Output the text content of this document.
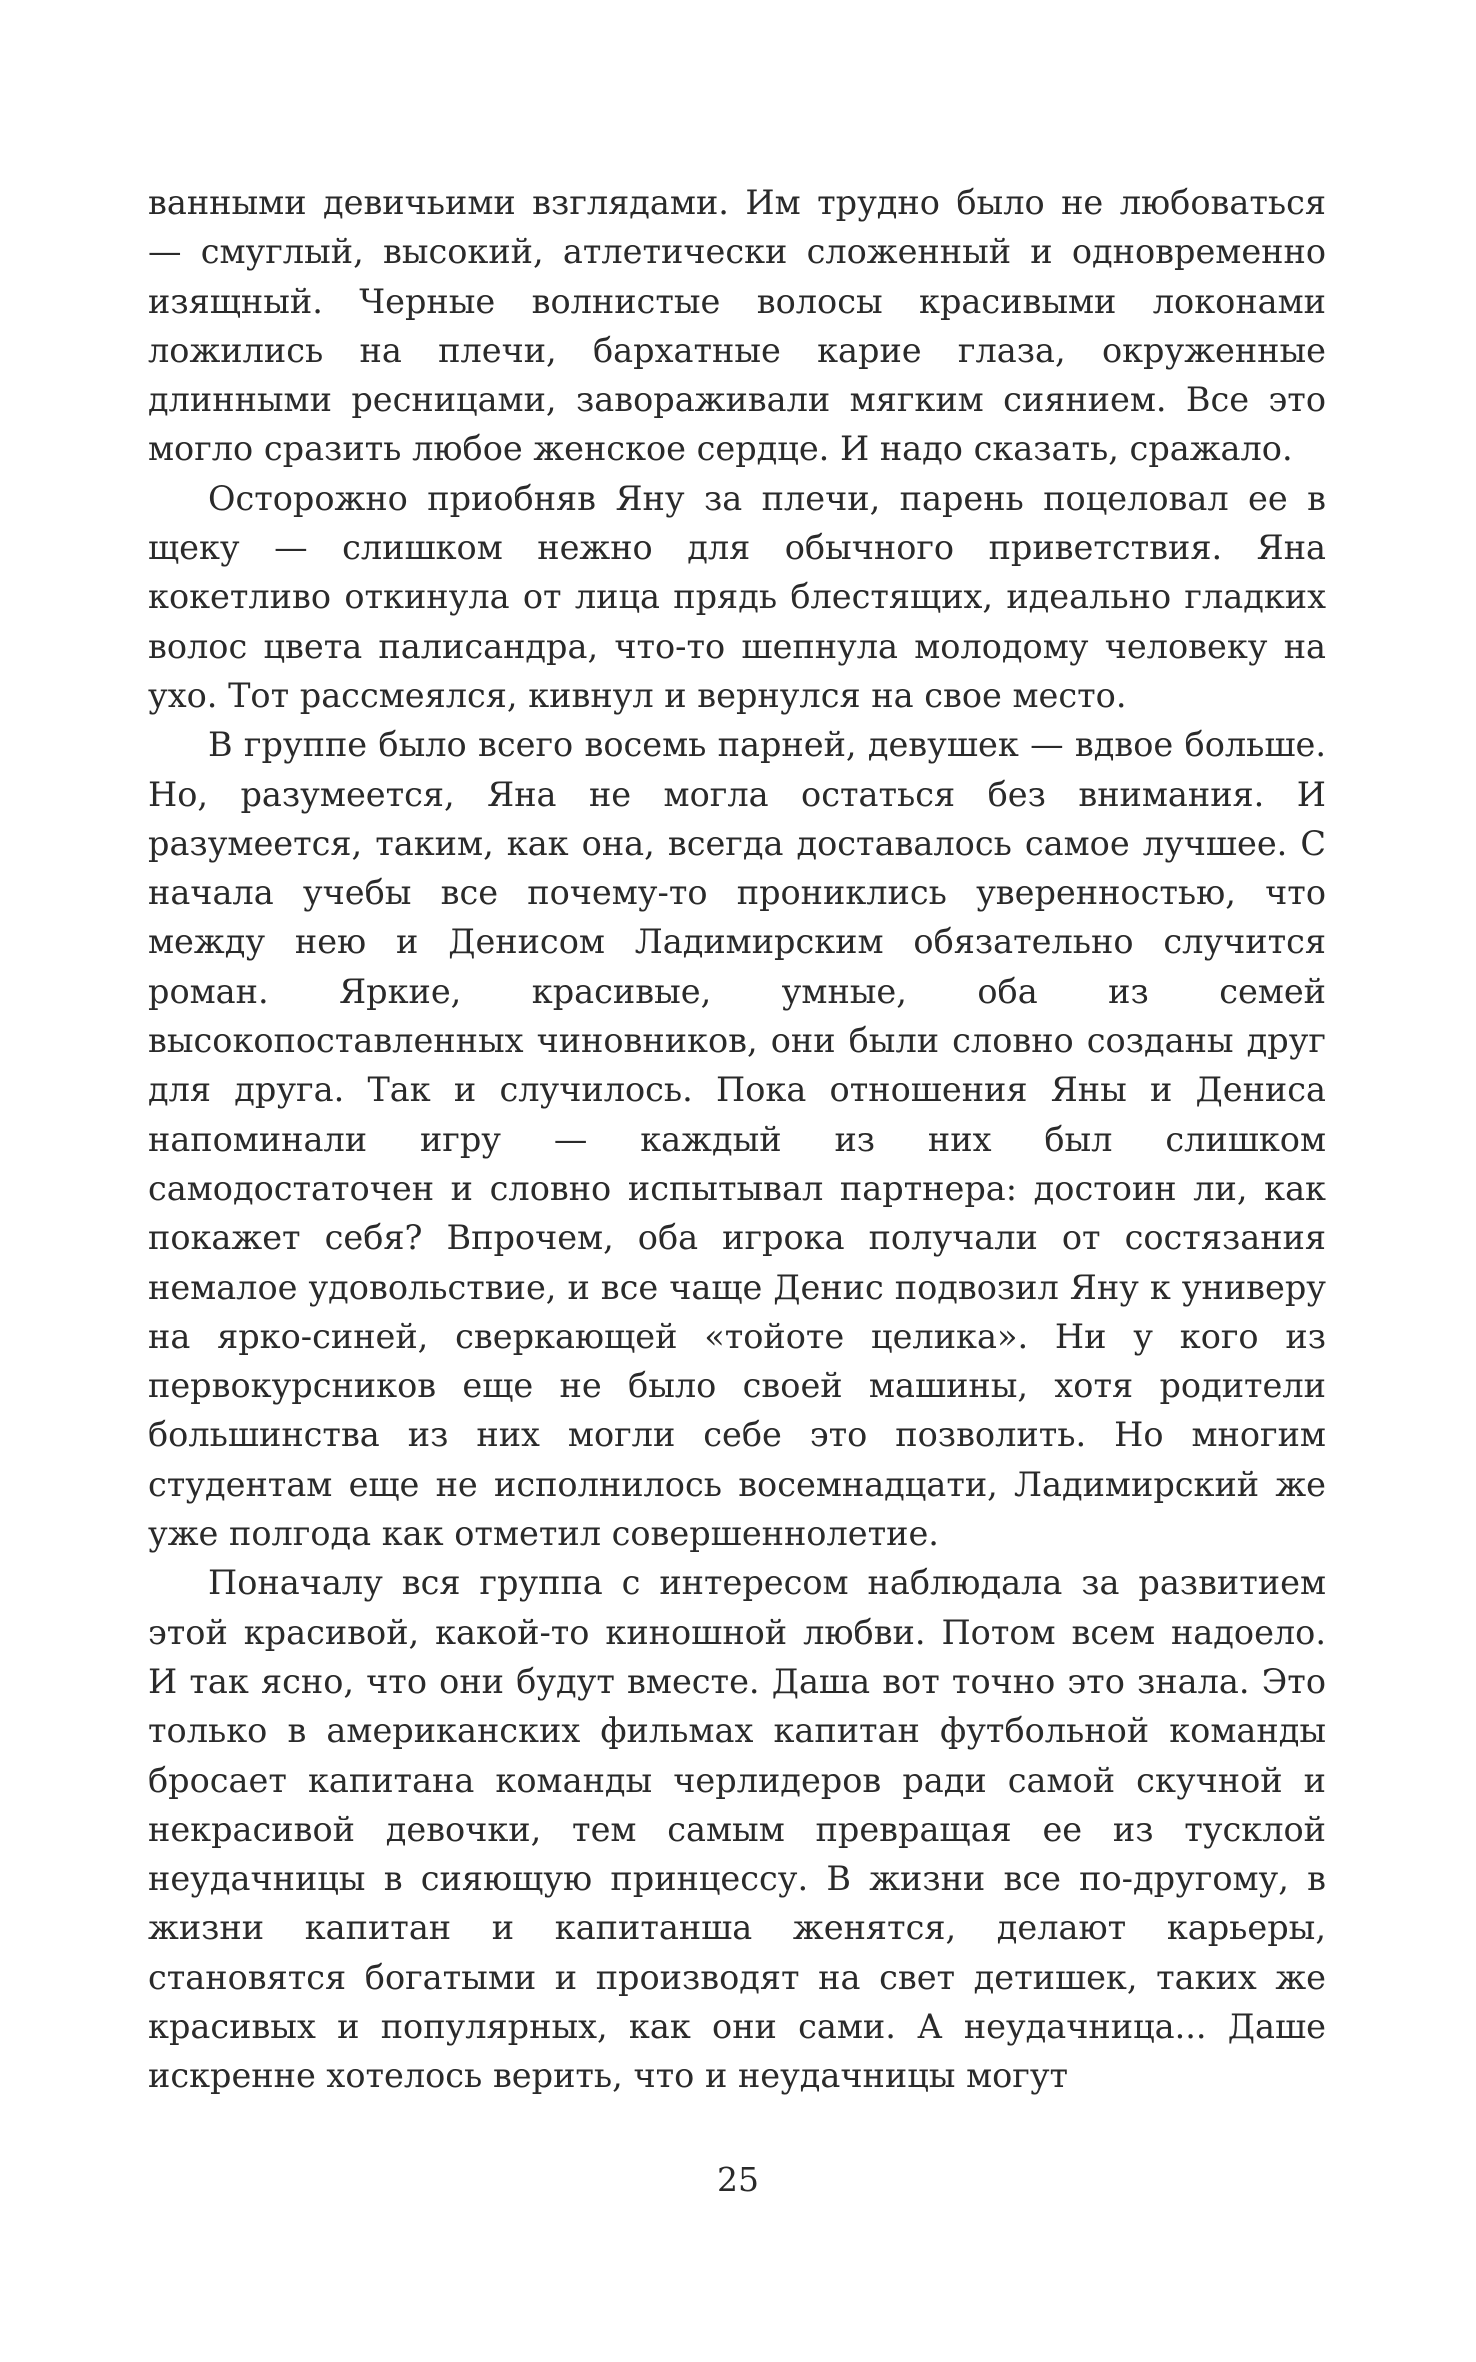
ванными девичьими взглядами. Им трудно было не любоваться — смуглый, высокий, атлетически сложенный и одновременно изящный. Черные волнистые волосы красивыми локонами ложились на плечи, бархатные карие глаза, окруженные длинными ресницами, завораживали мягким сиянием. Все это могло сразить любое женское сердце. И надо сказать, сражало.

Осторожно приобняв Яну за плечи, парень поцеловал ее в щеку — слишком нежно для обычного приветствия. Яна кокетливо откинула от лица прядь блестящих, идеально гладких волос цвета палисандра, что-то шепнула молодому человеку на ухо. Тот рассмеялся, кивнул и вернулся на свое место.

В группе было всего восемь парней, девушек — вдвое больше. Но, разумеется, Яна не могла остаться без внимания. И разумеется, таким, как она, всегда доставалось самое лучшее. С начала учебы все почему-то прониклись уверенностью, что между нею и Денисом Ладимирским обязательно случится роман. Яркие, красивые, умные, оба из семей высокопоставленных чиновников, они были словно созданы друг для друга. Так и случилось. Пока отношения Яны и Дениса напоминали игру — каждый из них был слишком самодостаточен и словно испытывал партнера: достоин ли, как покажет себя? Впрочем, оба игрока получали от состязания немалое удовольствие, и все чаще Денис подвозил Яну к универу на ярко-синей, сверкающей «тойоте целика». Ни у кого из первокурсников еще не было своей машины, хотя родители большинства из них могли себе это позволить. Но многим студентам еще не исполнилось восемнадцати, Ладимирский же уже полгода как отметил совершеннолетие.

Поначалу вся группа с интересом наблюдала за развитием этой красивой, какой-то киношной любви. Потом всем надоело. И так ясно, что они будут вместе. Даша вот точно это знала. Это только в американских фильмах капитан футбольной команды бросает капитана команды черлидеров ради самой скучной и некрасивой девочки, тем самым превращая ее из тусклой неудачницы в сияющую принцессу. В жизни все по-другому, в жизни капитан и капитанша женятся, делают карьеры, становятся богатыми и производят на свет детишек, таких же красивых и популярных, как они сами. А неудачница... Даше искренне хотелось верить, что и неудачницы могут

25
